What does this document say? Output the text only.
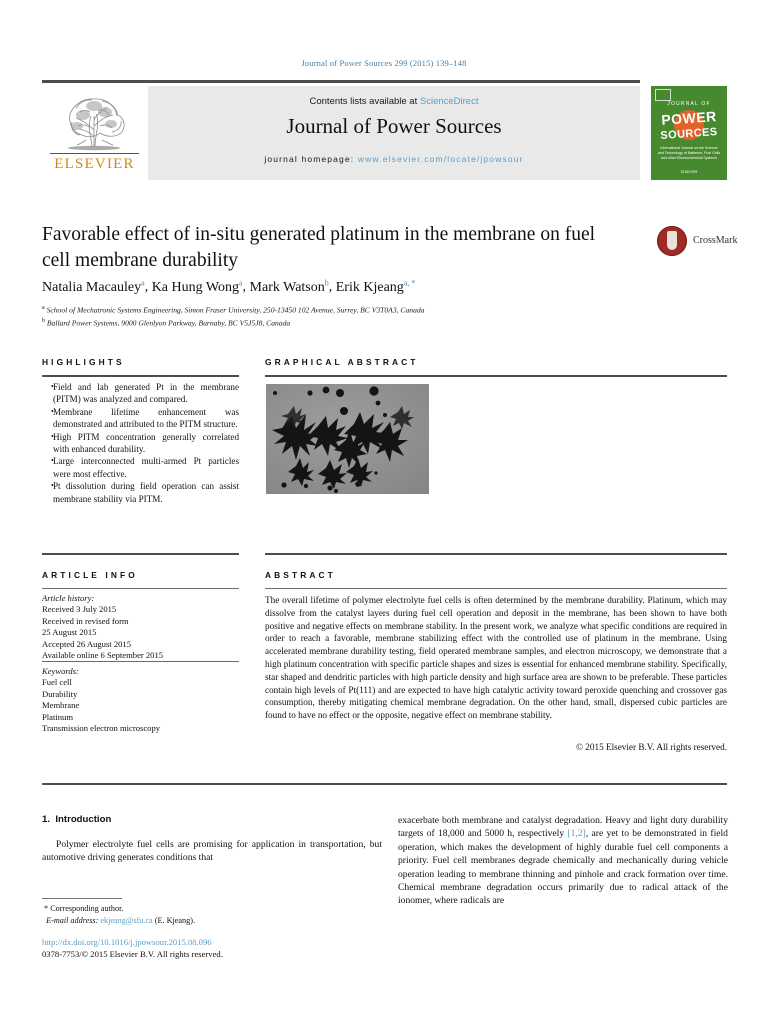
Journal of Power Sources 299 (2015) 139–148
ELSEVIER
Contents lists available at ScienceDirect
Journal of Power Sources
journal homepage: www.elsevier.com/locate/jpowsour
JOURNAL OF
POWER
SOURCES
International Journal on the Science and Technology of Batteries, Fuel Cells and other Electrochemical Systems
ELSEVIER
Favorable effect of in-situ generated platinum in the membrane on fuel cell membrane durability
Natalia Macauley$^a$, Ka Hung Wong$^a$, Mark Watson$^b$, Erik Kjeang$^{a, *}$
$^a$ School of Mechatronic Systems Engineering, Simon Fraser University, 250-13450 102 Avenue, Surrey, BC V3T0A3, Canada
$^b$ Ballard Power Systems, 9000 Glenlyon Parkway, Burnaby, BC V5J5J8, Canada
CrossMark
HIGHLIGHTS
• Field and lab generated Pt in the membrane (PITM) was analyzed and compared.
• Membrane lifetime enhancement was demonstrated and attributed to the PITM structure.
• High PITM concentration generally correlated with enhanced durability.
• Large interconnected multi-armed Pt particles were most effective.
• Pt dissolution during field operation can assist membrane stability via PITM.
GRAPHICAL ABSTRACT
ARTICLE INFO
Article history:
Received 3 July 2015
Received in revised form
25 August 2015
Accepted 26 August 2015
Available online 6 September 2015
Keywords:
Fuel cell
Durability
Membrane
Platinum
Transmission electron microscopy
ABSTRACT
The overall lifetime of polymer electrolyte fuel cells is often determined by the membrane durability. Platinum, which may dissolve from the catalyst layers during fuel cell operation and deposit in the membrane, has been shown to have both positive and negative effects on membrane stability. In the present work, we analyze what specific conditions are required in order to reach a favorable, membrane stabilizing effect with the controlled use of platinum in the membrane. Using accelerated membrane durability testing, field operated membrane samples, and electron microscopy, we demonstrate that a high platinum concentration with specific particle shapes and sizes is essential for enhanced membrane stability. Specifically, star shaped and dendritic particles with high particle density and high surface area are shown to be preferable. These particles contain high levels of Pt(111) and are expected to have high catalytic activity toward peroxide quenching and crossover gas consumption, thereby mitigating chemical membrane degradation. On the other hand, small, dispersed cubic particles are found to have no effect or the opposite, negative effect on membrane stability.
© 2015 Elsevier B.V. All rights reserved.
1. Introduction
Polymer electrolyte fuel cells are promising for application in transportation, but automotive driving generates conditions that
exacerbate both membrane and catalyst degradation. Heavy and light duty durability targets of 18,000 and 5000 h, respectively [1,2], are yet to be demonstrated in field operation, which makes the development of highly durable fuel cell components a priority. Fuel cell membranes degrade chemically and mechanically during vehicle operation leading to membrane thinning and pinhole and crack formation over time. Chemical membrane degradation occurs primarily due to radical attack of the ionomer, where radicals are
* Corresponding author.
E-mail address: ekjeang@sfu.ca (E. Kjeang).
http://dx.doi.org/10.1016/j.jpowsour.2015.08.096
0378-7753/© 2015 Elsevier B.V. All rights reserved.
